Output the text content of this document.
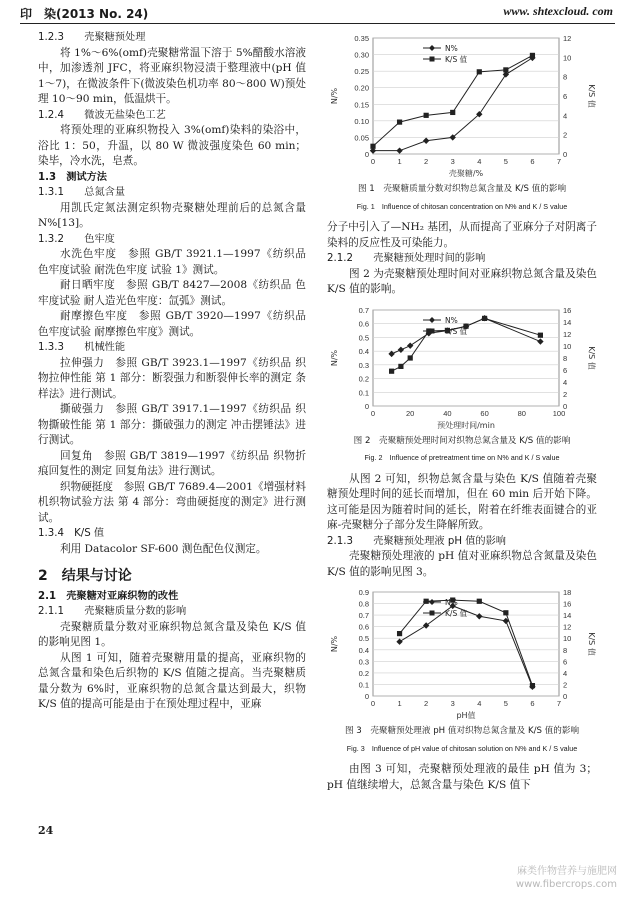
印　染(2013 No. 24)	www. shtexcloud. com

1.2.3　　壳聚糖预处理

将 1%～6%(omf)壳聚糖常温下溶于 5%醋酸水溶液中，加渗透剂 JFC，将亚麻织物浸渍于整理液中(pH 值 1～7)，在微波条件下(微波染色机功率 80～800 W)预处理 10～90 min，低温烘干。

1.2.4　　微波无盐染色工艺

将预处理的亚麻织物投入 3%(omf)染料的染浴中，浴比 1：50，升温，以 80 W 微波强度染色 60 min；染毕，冷水洗，皂煮。

1.3　测试方法

1.3.1　　总氮含量

用凯氏定氮法测定织物壳聚糖处理前后的总氮含量 N%[13]。

1.3.2　　色牢度

水洗色牢度　参照 GB/T 3921.1—1997《纺织品 色牢度试验 耐洗色牢度 试验 1》测试。

耐日晒牢度　参照 GB/T 8427—2008《纺织品 色牢度试验 耐人造光色牢度：氙弧》测试。

耐摩擦色牢度　参照 GB/T 3920—1997《纺织品 色牢度试验 耐摩擦色牢度》测试。

1.3.3　　机械性能

拉伸强力　参照 GB/T 3923.1—1997《纺织品 织物拉伸性能 第 1 部分：断裂强力和断裂伸长率的测定 条样法》进行测试。

撕破强力　参照 GB/T 3917.1—1997《纺织品 织物撕破性能 第 1 部分：撕破强力的测定 冲击摆锤法》进行测试。

回复角　参照 GB/T 3819—1997《纺织品 织物折痕回复性的测定 回复角法》进行测试。

织物硬挺度　参照 GB/T 7689.4—2001《增强材料 机织物试验方法 第 4 部分：弯曲硬挺度的测定》进行测试。

1.3.4　K/S 值

利用 Datacolor SF-600 测色配色仪测定。

2　结果与讨论

2.1　壳聚糖对亚麻织物的改性

2.1.1　　壳聚糖质量分数的影响

壳聚糖质量分数对亚麻织物总氮含量及染色 K/S 值的影响见图 1。

从图 1 可知，随着壳聚糖用量的提高，亚麻织物的总氮含量和染色后织物的 K/S 值随之提高。当壳聚糖质量分数为 6%时，亚麻织物的总氮含量达到最大，织物 K/S 值的提高可能是由于在预处理过程中，亚麻

0
0.05
0.10
0.15
0.20
0.25
0.30
0.35
0
2
4
6
8
10
12
0	1	2	3	4	5	6	7
壳聚糖/%
N/%	K/S 值
N%
K/S 值

图 1　壳聚糖质量分数对织物总氮含量及 K/S 值的影响

Fig. 1　Influence of chitosan concentration on N% and K / S value

分子中引入了—NH₂ 基团，从而提高了亚麻分子对阴离子染料的反应性及可染能力。

2.1.2　　壳聚糖预处理时间的影响

图 2 为壳聚糖预处理时间对亚麻织物总氮含量及染色 K/S 值的影响。

0
0.1
0.2
0.3
0.4
0.5
0.6
0.7
0
2
4
6
8
10
12
14
16
0	20	40	60	80	100
预处理时间/min
N/%	K/S 值
N%
K/S 值

图 2　壳聚糖预处理时间对织物总氮含量及 K/S 值的影响

Fig. 2　Influence of pretreatment time on N% and K / S value

从图 2 可知，织物总氮含量与染色 K/S 值随着壳聚糖预处理时间的延长而增加，但在 60 min 后开始下降。这可能是因为随着时间的延长，附着在纤维表面键合的亚麻-壳聚糖分子部分发生降解所致。

2.1.3　　壳聚糖预处理液 pH 值的影响

壳聚糖预处理液的 pH 值对亚麻织物总含氮量及染色 K/S 值的影响见图 3。

0
0.1
0.2
0.3
0.4
0.5
0.6
0.7
0.8
0.9
0
2
4
6
8
10
12
14
16
18
0	1	2	3	4	5	6	7
pH值
N/%	K/S 值
N%
K/S 值

图 3　壳聚糖预处理液 pH 值对织物总氮含量及 K/S 值的影响

Fig. 3　Influence of pH value of chitosan solution on N% and K / S value

由图 3 可知，壳聚糖预处理液的最佳 pH 值为 3；pH 值继续增大，总氮含量与染色 K/S 值下

24
麻类作物营养与施肥网
www.fibercrops.com
